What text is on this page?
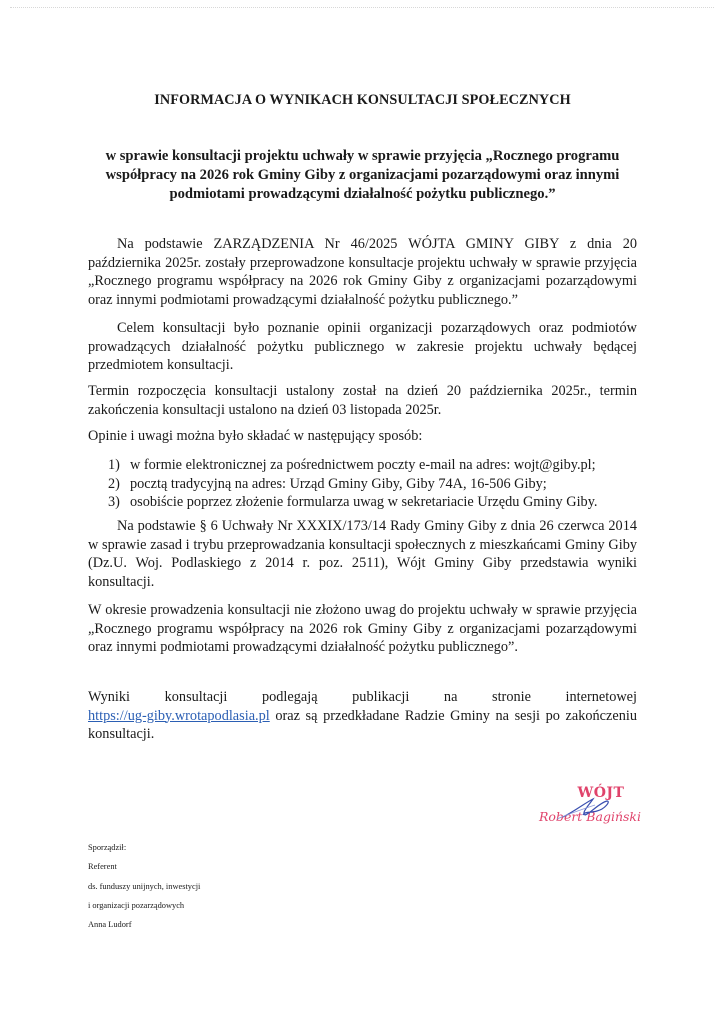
INFORMACJA O WYNIKACH KONSULTACJI SPOŁECZNYCH
w sprawie konsultacji projektu uchwały w sprawie przyjęcia „Rocznego programu współpracy na 2026 rok Gminy Giby z organizacjami pozarządowymi oraz innymi podmiotami prowadzącymi działalność pożytku publicznego.”
Na podstawie ZARZĄDZENIA Nr 46/2025 WÓJTA GMINY GIBY z dnia 20 października 2025r. zostały przeprowadzone konsultacje projektu uchwały w sprawie przyjęcia „Rocznego programu współpracy na 2026 rok Gminy Giby z organizacjami pozarządowymi oraz innymi podmiotami prowadzącymi działalność pożytku publicznego.”
Celem konsultacji było poznanie opinii organizacji pozarządowych oraz podmiotów prowadzących działalność pożytku publicznego w zakresie projektu uchwały będącej przedmiotem konsultacji.
Termin rozpoczęcia konsultacji ustalony został na dzień 20 października 2025r., termin zakończenia konsultacji ustalono na dzień 03 listopada 2025r.
Opinie i uwagi można było składać w następujący sposób:
1) w formie elektronicznej za pośrednictwem poczty e-mail na adres: wojt@giby.pl;
2) pocztą tradycyjną na adres: Urząd Gminy Giby, Giby 74A, 16-506 Giby;
3) osobiście poprzez złożenie formularza uwag w sekretariacie Urzędu Gminy Giby.
Na podstawie § 6 Uchwały Nr XXXIX/173/14 Rady Gminy Giby z dnia 26 czerwca 2014 w sprawie zasad i trybu przeprowadzania konsultacji społecznych z mieszkańcami Gminy Giby (Dz.U. Woj. Podlaskiego z 2014 r. poz. 2511), Wójt Gminy Giby przedstawia wyniki konsultacji.
W okresie prowadzenia konsultacji nie złożono uwag do projektu uchwały w sprawie przyjęcia „Rocznego programu współpracy na 2026 rok Gminy Giby z organizacjami pozarządowymi oraz innymi podmiotami prowadzącymi działalność pożytku publicznego”.
Wyniki konsultacji podlegają publikacji na stronie internetowej
https://ug-giby.wrotapodlasia.pl oraz są przedkładane Radzie Gminy na sesji po zakończeniu konsultacji.
WÓJT
Robert Bagiński
Sporządził:
Referent
ds. funduszy unijnych, inwestycji
i organizacji pozarządowych
Anna Ludorf
